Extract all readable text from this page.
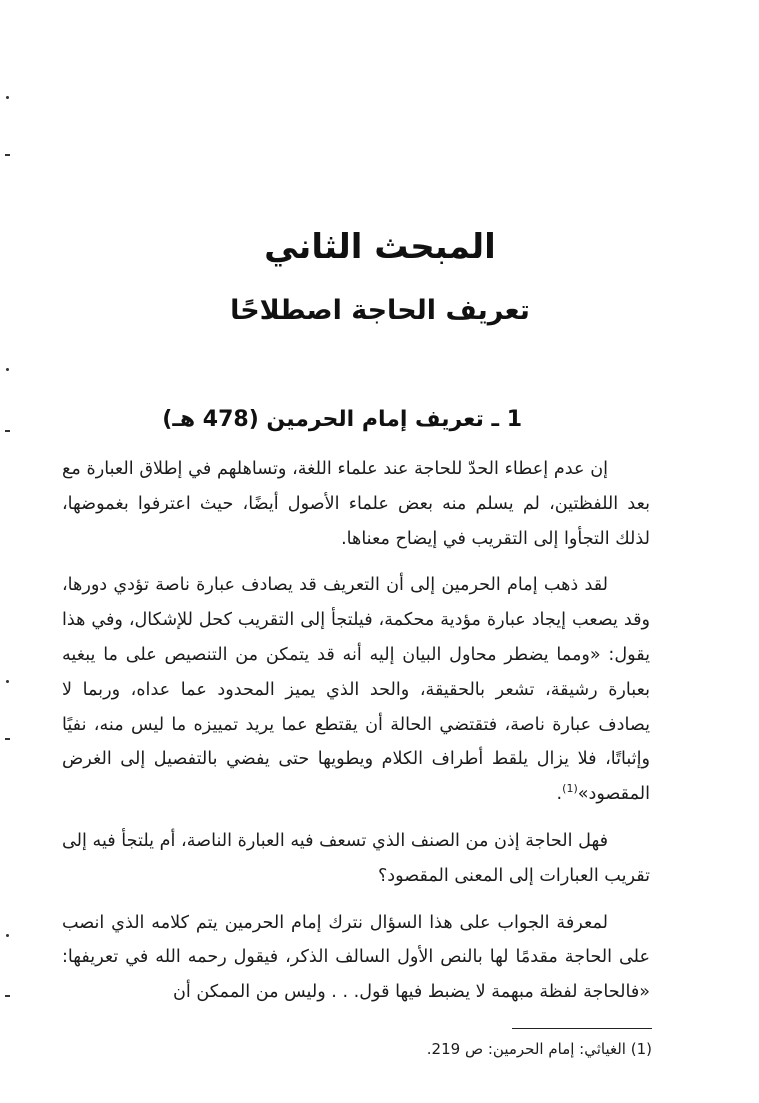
المبحث الثاني
تعريف الحاجة اصطلاحًا
1 ـ تعريف إمام الحرمين (478 هـ)

إن عدم إعطاء الحدّ للحاجة عند علماء اللغة، وتساهلهم في إطلاق العبارة مع بعد اللفظتين، لم يسلم منه بعض علماء الأصول أيضًا، حيث اعترفوا بغموضها، لذلك التجأوا إلى التقريب في إيضاح معناها.

لقد ذهب إمام الحرمين إلى أن التعريف قد يصادف عبارة ناصة تؤدي دورها، وقد يصعب إيجاد عبارة مؤدية محكمة، فيلتجأ إلى التقريب كحل للإشكال، وفي هذا يقول: «ومما يضطر محاول البيان إليه أنه قد يتمكن من التنصيص على ما يبغيه بعبارة رشيقة، تشعر بالحقيقة، والحد الذي يميز المحدود عما عداه، وربما لا يصادف عبارة ناصة، فتقتضي الحالة أن يقتطع عما يريد تمييزه ما ليس منه، نفيًا وإثباتًا، فلا يزال يلقط أطراف الكلام ويطويها حتى يفضي بالتفصيل إلى الغرض المقصود»$^{(1)}$.

فهل الحاجة إذن من الصنف الذي تسعف فيه العبارة الناصة، أم يلتجأ فيه إلى تقريب العبارات إلى المعنى المقصود؟

لمعرفة الجواب على هذا السؤال نترك إمام الحرمين يتم كلامه الذي انصب على الحاجة مقدمًا لها بالنص الأول السالف الذكر، فيقول رحمه الله في تعريفها: «فالحاجة لفظة مبهمة لا يضبط فيها قول. . . وليس من الممكن أن

(1) الغياثي: إمام الحرمين: ص 219.
